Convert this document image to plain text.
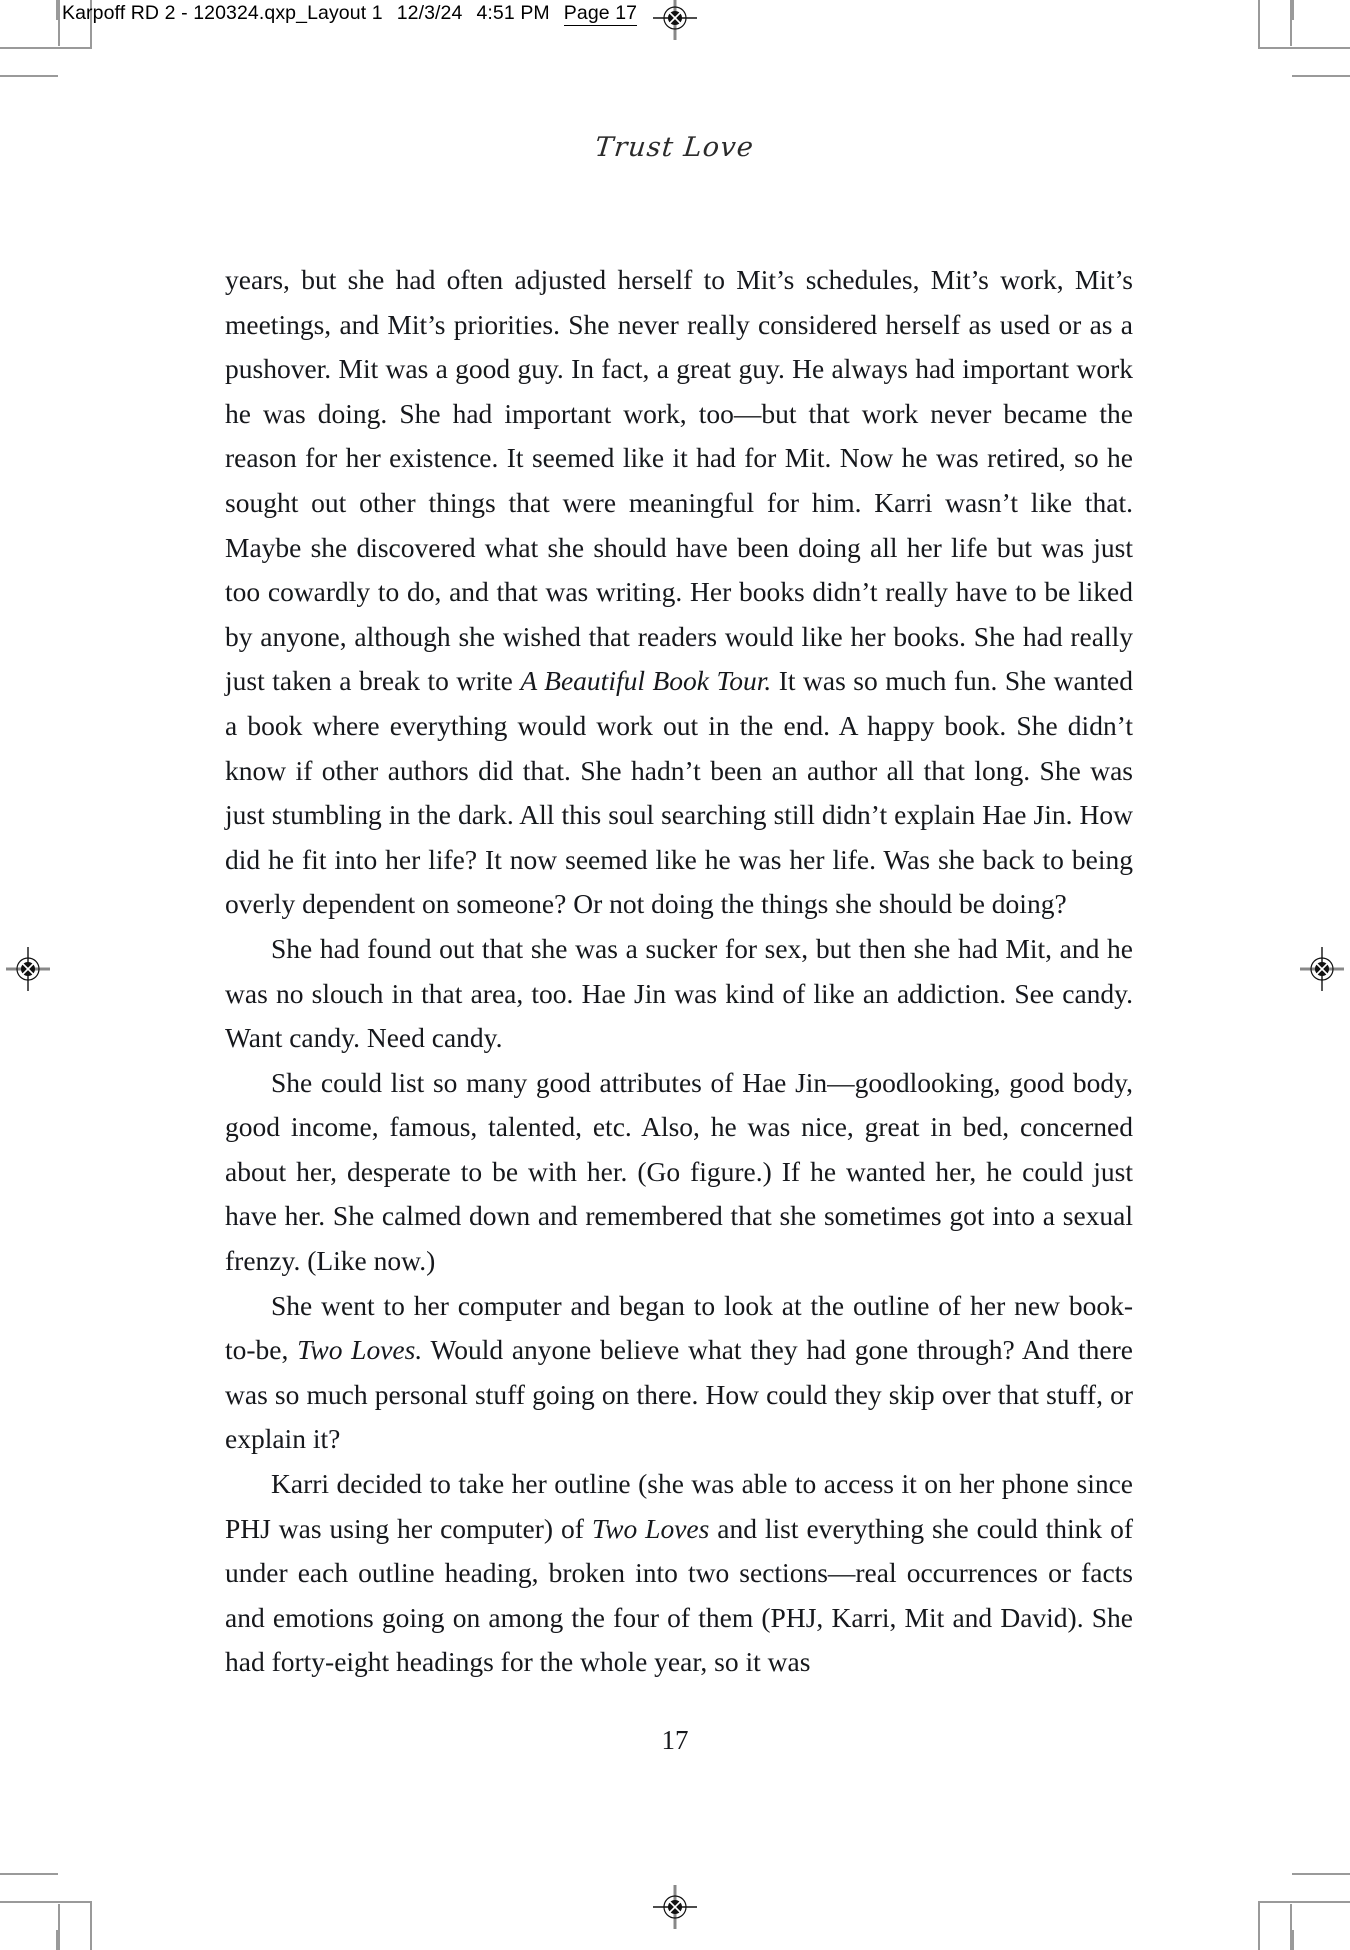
Karpoff RD 2 - 120324.qxp_Layout 1 12/3/24 4:51 PM Page 17
Trust Love

years, but she had often adjusted herself to Mit’s schedules, Mit’s work, Mit’s meetings, and Mit’s priorities. She never really considered herself as used or as a pushover. Mit was a good guy. In fact, a great guy. He always had important work he was doing. She had important work, too—but that work never became the reason for her existence. It seemed like it had for Mit. Now he was retired, so he sought out other things that were meaningful for him. Karri wasn’t like that. Maybe she discovered what she should have been doing all her life but was just too cowardly to do, and that was writing. Her books didn’t really have to be liked by anyone, although she wished that readers would like her books. She had really just taken a break to write A Beautiful Book Tour. It was so much fun. She wanted a book where everything would work out in the end. A happy book. She didn’t know if other authors did that. She hadn’t been an author all that long. She was just stumbling in the dark. All this soul searching still didn’t explain Hae Jin. How did he fit into her life? It now seemed like he was her life. Was she back to being overly dependent on someone? Or not doing the things she should be doing?

She had found out that she was a sucker for sex, but then she had Mit, and he was no slouch in that area, too. Hae Jin was kind of like an addiction. See candy. Want candy. Need candy.

She could list so many good attributes of Hae Jin—goodlooking, good body, good income, famous, talented, etc. Also, he was nice, great in bed, concerned about her, desperate to be with her. (Go figure.) If he wanted her, he could just have her. She calmed down and remembered that she sometimes got into a sexual frenzy. (Like now.)

She went to her computer and began to look at the outline of her new book-to-be, Two Loves. Would anyone believe what they had gone through? And there was so much personal stuff going on there. How could they skip over that stuff, or explain it?

Karri decided to take her outline (she was able to access it on her phone since PHJ was using her computer) of Two Loves and list everything she could think of under each outline heading, broken into two sections—real occurrences or facts and emotions going on among the four of them (PHJ, Karri, Mit and David). She had forty-eight headings for the whole year, so it was

17
